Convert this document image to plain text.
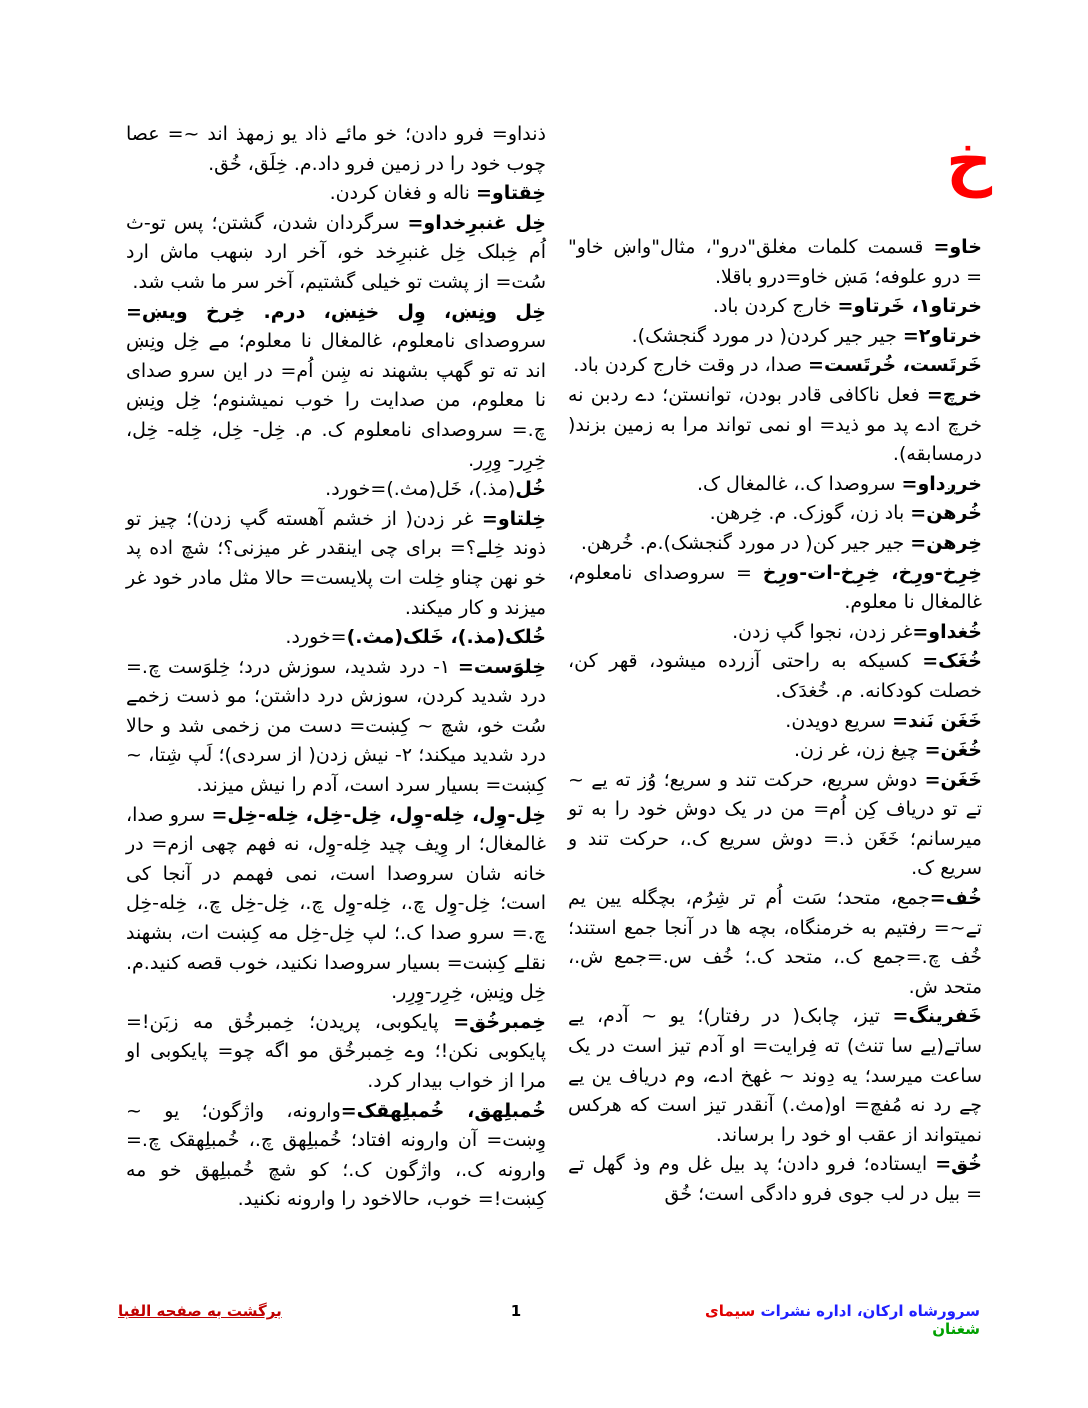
خ

خاو= قسمت کلمات مغلق"درو"، مثال"واښ خاو" = درو علوفه؛ مَښ خاو=درو باقلا.

خرتاو۱، خَرتاو= خارج کردن باد.

خرتاو۲= جیر جیر کردن( در مورد گنجشک).

خَرتَست، خُرتَست= صدا، در وقت خارج کردن باد.

خرچ= فعل ناکافی قادر بودن، توانستن؛ دے ردبن نه خرچ ادے پد مو ذید= او نمی تواند مرا به زمین بزند( درمسابقه).

خرږداو= سروصدا ک.، غالمغال ک.

خُرهن= باد زن، گوزک. م. خِرهن.

خِرهن= جیر جیر کن( در مورد گنجشک).م. خُرهن.

خِرِخ-ورِخ، خِرِخ-ات-ورِخ = سروصدای نامعلوم، غالمغال نا معلوم.

خُغداو=غر زدن، نجوا گپ زدن.

خُغَک= کسیکه به راحتی آزرده میشود، قهر کن، خصلت کودکانه. م. خُغدَک.

خَغَن نَند= سریع دویدن.

خُغَن= چیغ زن، غر زن.

خَغَن= دوش سریع، حرکت تند و سریع؛ وُز ته یے ~ تے تو دریاف کِن اُم= من در یک دوش خود را به تو میرسانم؛ خَغَن ذ.= دوش سریع ک.، حرکت تند و سریع ک.

خُف=جمع، متحد؛ سَت اُم تر شِرُم، بچگله یین یم تے~= رفتیم به خرمنگاه، بچه ها در آنجا جمع استند؛ خُف چ.=جمع ک.، متحد ک.؛ خُف س.=جمع ش.، متحد ش.

خَفرینگ= تیز، چابک( در رفتار)؛ یو ~ آدم، یے ساتے(یے سا تنث) ته فِرایت= او آدم تیز است در یک ساعت میرسد؛ یه دِوند ~ غهخ ادے، وم دریاف ین یے چے رد نه مُفچ= او(مث.) آنقدر تیز است که هرکس نمیتواند از عقب او خود را برساند.

خُق= ایستاده؛ فرو دادن؛ پد بیل غل وم وذ گهل تے = بیل در لب جوی فرو دادگی است؛ خُق

ذنداو= فرو دادن؛ خو مائے ذاد یو زمهذ اند ~= عصا چوب خود را در زمین فرو داد.م. خِلَق، خُق.

خِقتاو= ناله و فغان کردن.

خِل غنبرِخداو= سرگردان شدن، گشتن؛ پس تو-ث اُم خِبلک خِل غنبرِخد خو، آخر ارد ښهب ماش ارد سُت= از پشت تو خیلی گشتیم، آخر سر ما شب شد.

خِل ونِښ، وِل خنِښ، درم. خِرخ ویښ= سروصدای نامعلوم، غالمغال نا معلوم؛ مے خِل ونِښ اند ته تو گهپ بشهند نه ښِن اُم= در این سرو صدای نا معلوم، من صدایت را خوب نمیشنوم؛ خِل ونِښ چ.= سروصدای نامعلوم ک. م. خِل- خِل، خِله- خِل، خِرِر- وِرِر.

خُل(مذ.)، خَل(مث.)=خورد.

خِلتاو= غر زدن( از خشم آهسته گپ زدن)؛ چیز تو ذوند خِلے؟= برای چی اینقدر غر میزنی؟؛ شچ اده پد خو نهن چناو خِلت ات پلایست= حالا مثل مادر خود غر میزند و کار میکند.

خُلک(مذ.)، خَلک(مث.)=خورد.

خِلوَست= ۱- درد شدید، سوزش درد؛ خِلوَست چ.= درد شدید کردن، سوزش درد داشتن؛ مو ذست زخمے سُت خو، شچ ~ کِښت= دست من زخمی شد و حالا درد شدید میکند؛ ۲- نیش زدن( از سردی)؛ لَپ شِتا، ~ کِښت= بسیار سرد است، آدم را نیش میزند.

خِل-وِل، خِله-وِل، خِل-خِل، خِله-خِل= سرو صدا، غالمغال؛ ار وِیف چید خِله-وِل، نه فهم چهی ازم= در خانه شان سروصدا است، نمی فهمم در آنجا کی است؛ خِل-وِل چ.، خِله-وِل چ.، خِل-خِل چ.، خِله-خِل چ.= سرو صدا ک.؛ لپ خِل-خِل مه کِښت ات، بشهند نقلے کِښت= بسیار سروصدا نکنید، خوب قصه کنید.م. خِل ونِښ، خِرِر-وِرِر.

خِمبرخُق= پایکوبی، پریدن؛ خِمبرخُق مه زبَن!= پایکوبی نکن!؛ وے خِمبرخُق مو اگه چو= پایکوبی او مرا از خواب بیدار کرد.

خُمبلِهق، خُمبلِهقک=وارونه، واژگون؛ یو ~ وِښت= آن وارونه افتاد؛ خُمبلِهق چ.، خُمبلِهقک چ.= وارونه ک.، واژگون ک.؛ کو شچ خُمبلِهق خو مه کِښت!= خوب، حالاخود را وارونه نکنید.

سرورشاه ارکان، اداره نشرات سیمای شغنان
1
برگشت به صفحه الفبا
